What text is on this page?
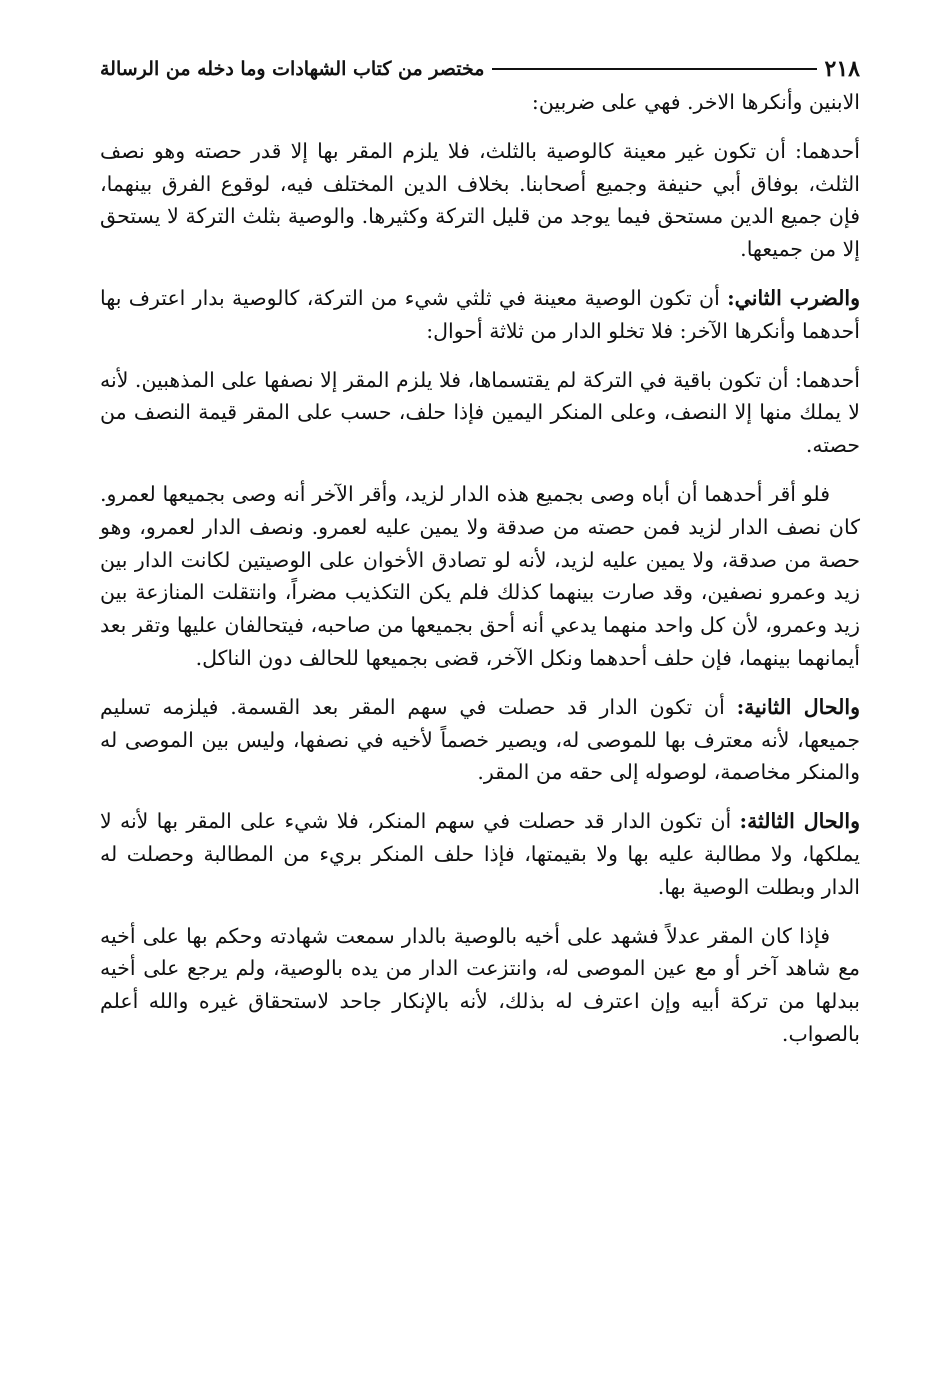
٢١٨
مختصر من كتاب الشهادات وما دخله من الرسالة

الابنين وأنكرها الاخر. فهي على ضربين:

أحدهما: أن تكون غير معينة كالوصية بالثلث، فلا يلزم المقر بها إلا قدر حصته وهو نصف الثلث، بوفاق أبي حنيفة وجميع أصحابنا. بخلاف الدين المختلف فيه، لوقوع الفرق بينهما، فإن جميع الدين مستحق فيما يوجد من قليل التركة وكثيرها. والوصية بثلث التركة لا يستحق إلا من جميعها.

والضرب الثاني: أن تكون الوصية معينة في ثلثي شيء من التركة، كالوصية بدار اعترف بها أحدهما وأنكرها الآخر: فلا تخلو الدار من ثلاثة أحوال:

أحدهما: أن تكون باقية في التركة لم يقتسماها، فلا يلزم المقر إلا نصفها على المذهبين. لأنه لا يملك منها إلا النصف، وعلى المنكر اليمين فإذا حلف، حسب على المقر قيمة النصف من حصته.

فلو أقر أحدهما أن أباه وصى بجميع هذه الدار لزيد، وأقر الآخر أنه وصى بجميعها لعمرو. كان نصف الدار لزيد فمن حصته من صدقة ولا يمين عليه لعمرو. ونصف الدار لعمرو، وهو حصة من صدقة، ولا يمين عليه لزيد، لأنه لو تصادق الأخوان على الوصيتين لكانت الدار بين زيد وعمرو نصفين، وقد صارت بينهما كذلك فلم يكن التكذيب مضراً، وانتقلت المنازعة بين زيد وعمرو، لأن كل واحد منهما يدعي أنه أحق بجميعها من صاحبه، فيتحالفان عليها وتقر بعد أيمانهما بينهما، فإن حلف أحدهما ونكل الآخر، قضى بجميعها للحالف دون الناكل.

والحال الثانية: أن تكون الدار قد حصلت في سهم المقر بعد القسمة. فيلزمه تسليم جميعها، لأنه معترف بها للموصى له، ويصير خصماً لأخيه في نصفها، وليس بين الموصى له والمنكر مخاصمة، لوصوله إلى حقه من المقر.

والحال الثالثة: أن تكون الدار قد حصلت في سهم المنكر، فلا شيء على المقر بها لأنه لا يملكها، ولا مطالبة عليه بها ولا بقيمتها، فإذا حلف المنكر بريء من المطالبة وحصلت له الدار وبطلت الوصية بها.

فإذا كان المقر عدلاً فشهد على أخيه بالوصية بالدار سمعت شهادته وحكم بها على أخيه مع شاهد آخر أو مع عين الموصى له، وانتزعت الدار من يده بالوصية، ولم يرجع على أخيه ببدلها من تركة أبيه وإن اعترف له بذلك، لأنه بالإنكار جاحد لاستحقاق غيره والله أعلم بالصواب.
